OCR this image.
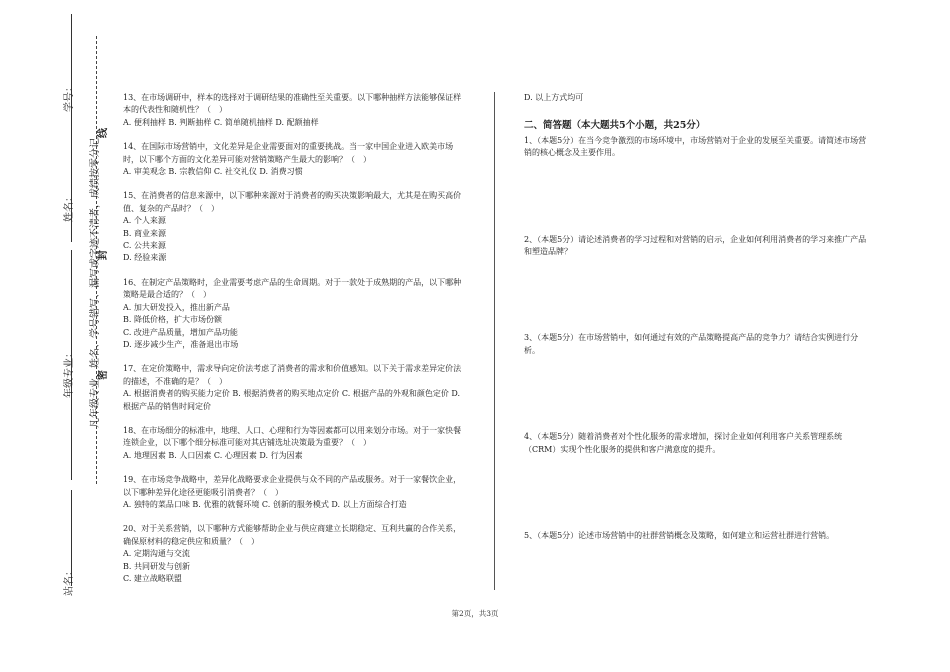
学号：
姓名：
年级专业：
站名：
凡年级专业、姓名、学号错写、漏写或字迹不清者，成绩按零分记。
线
封
密

13、在市场调研中，样本的选择对于调研结果的准确性至关重要。以下哪种抽样方法能够保证样本的代表性和随机性？（　）

A. 便利抽样 B. 判断抽样 C. 简单随机抽样 D. 配额抽样

14、在国际市场营销中，文化差异是企业需要面对的重要挑战。当一家中国企业进入欧美市场时，以下哪个方面的文化差异可能对营销策略产生最大的影响？（　）

A. 审美观念 B. 宗教信仰 C. 社交礼仪 D. 消费习惯

15、在消费者的信息来源中，以下哪种来源对于消费者的购买决策影响最大，尤其是在购买高价值、复杂的产品时？（　）

A. 个人来源

B. 商业来源

C. 公共来源

D. 经验来源

16、在制定产品策略时，企业需要考虑产品的生命周期。对于一款处于成熟期的产品，以下哪种策略是最合适的？（　）

A. 加大研发投入，推出新产品

B. 降低价格，扩大市场份额

C. 改进产品质量，增加产品功能

D. 逐步减少生产，准备退出市场

17、在定价策略中，需求导向定价法考虑了消费者的需求和价值感知。以下关于需求差异定价法的描述，不准确的是？（　）

A. 根据消费者的购买能力定价 B. 根据消费者的购买地点定价 C. 根据产品的外观和颜色定价 D. 根据产品的销售时间定价

18、在市场细分的标准中，地理、人口、心理和行为等因素都可以用来划分市场。对于一家快餐连锁企业，以下哪个细分标准可能对其店铺选址决策最为重要？（　）

A. 地理因素 B. 人口因素 C. 心理因素 D. 行为因素

19、在市场竞争战略中，差异化战略要求企业提供与众不同的产品或服务。对于一家餐饮企业，以下哪种差异化途径更能吸引消费者？（　）

A. 独特的菜品口味 B. 优雅的就餐环境 C. 创新的服务模式 D. 以上方面综合打造

20、对于关系营销，以下哪种方式能够帮助企业与供应商建立长期稳定、互利共赢的合作关系，确保原材料的稳定供应和质量？（　）

A. 定期沟通与交流

B. 共同研发与创新

C. 建立战略联盟

D. 以上方式均可

二、简答题（本大题共5个小题，共25分）

1、（本题5分）在当今竞争激烈的市场环境中，市场营销对于企业的发展至关重要。请简述市场营销的核心概念及主要作用。

2、（本题5分）请论述消费者的学习过程和对营销的启示，企业如何利用消费者的学习来推广产品和塑造品牌？

3、（本题5分）在市场营销中，如何通过有效的产品策略提高产品的竞争力？请结合实例进行分析。

4、（本题5分）随着消费者对个性化服务的需求增加，探讨企业如何利用客户关系管理系统（CRM）实现个性化服务的提供和客户满意度的提升。

5、（本题5分）论述市场营销中的社群营销概念及策略，如何建立和运营社群进行营销。

第2页，共3页
